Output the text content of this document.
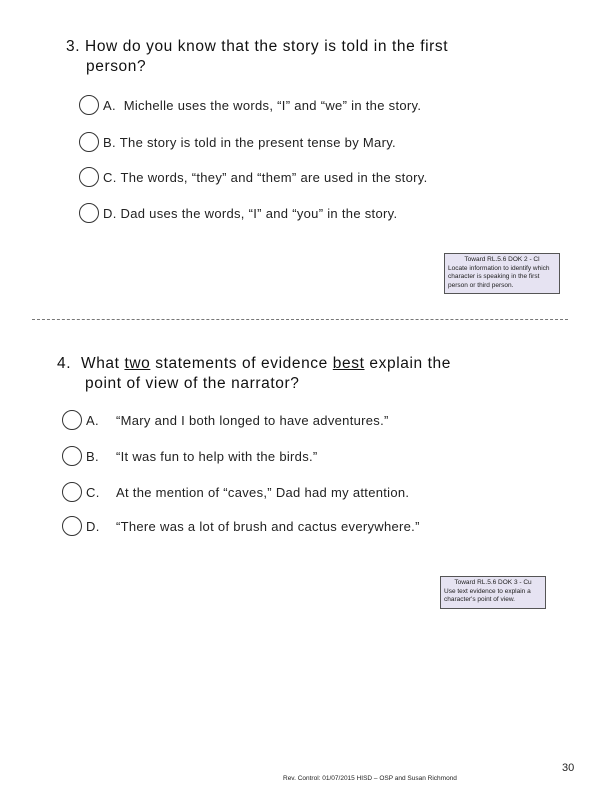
3. How do you know that the story is told in the first
person?
A. Michelle uses the words, “I” and “we” in the story.
B. The story is told in the present tense by Mary.
C. The words, “they” and “them” are used in the story.
D. Dad uses the words, “I” and “you” in the story.
Toward RL.5.6 DOK 2 - Cl
Locate information to identify which character is speaking in the first person or third person.
4. What two statements of evidence best explain the
point of view of the narrator?
A.	“Mary and I both longed to have adventures.”
B.	“It was fun to help with the birds.”
C.	At the mention of “caves,” Dad had my attention.
D.	“There was a lot of brush and cactus everywhere.”
Toward RL.5.6 DOK 3 - Cu
Use text evidence to explain a character's point of view.
30
Rev. Control: 01/07/2015 HISD – OSP and Susan Richmond
